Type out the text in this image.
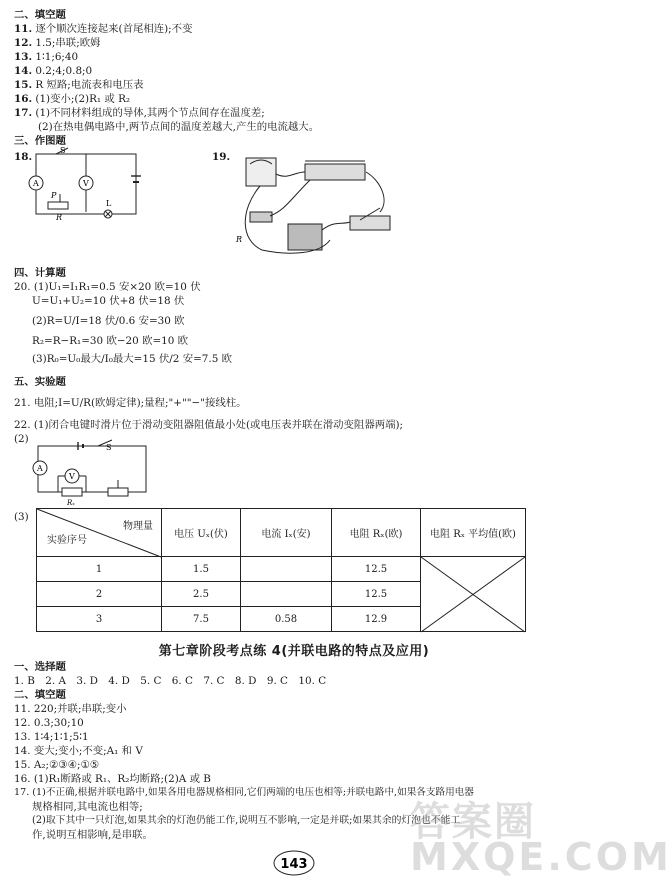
二、填空题
11. 逐个顺次连接起来(首尾相连);不变
12. 1.5;串联;欧姆
13. 1∶1;6;40
14. 0.2;4;0.8;0
15. R 短路;电流表和电压表
16. (1)变小;(2)R₁ 或 R₂
17. (1)不同材料组成的导体,其两个节点间存在温度差;
(2)在热电偶电路中,两节点间的温度差越大,产生的电流越大。
三、作图题
18.	19.
S
A	V
P
R
L
R
四、计算题
20. (1)U₁=I₁R₁=0.5 安×20 欧=10 伏
U=U₁+U₂=10 伏+8 伏=18 伏
(2)R=U/I=18 伏/0.6 安=30 欧
R₂=R−R₁=30 欧−20 欧=10 欧
(3)R₀=U₀最大/I₀最大=15 伏/2 安=7.5 欧
五、实验题
21. 电阻;I=U/R(欧姆定律);量程;"+""−"接线柱。
22. (1)闭合电键时滑片位于滑动变阻器阻值最小处(或电压表并联在滑动变阻器两端);
(2)
S
A
V
Rₓ
(3)
物理量
实验序号	电压 Uₓ(伏)	电流 Iₓ(安)	电阻 Rₓ(欧)	电阻 Rₓ 平均值(欧)
1	1.5		12.5	

2	2.5		12.5	
3	7.5	0.58	12.9	
第七章阶段考点练 4(并联电路的特点及应用)
一、选择题
1. B　2. A　3. D　4. D　5. C　6. C　7. C　8. D　9. C　10. C
二、填空题
11. 220;并联;串联;变小
12. 0.3;30;10
13. 1∶4;1∶1;5∶1
14. 变大;变小;不变;A₁ 和 V
15. A₂;②③④;①⑤
16. (1)R₁断路或 R₁、R₂均断路;(2)A 或 B
17. (1)不正确,根据并联电路中,如果各用电器规格相同,它们两端的电压也相等;并联电路中,如果各支路用电器
规格相同,其电流也相等;
(2)取下其中一只灯泡,如果其余的灯泡仍能工作,说明互不影响,一定是并联;如果其余的灯泡也不能工
作,说明互相影响,是串联。	答案圈
MXQE.COM
143
